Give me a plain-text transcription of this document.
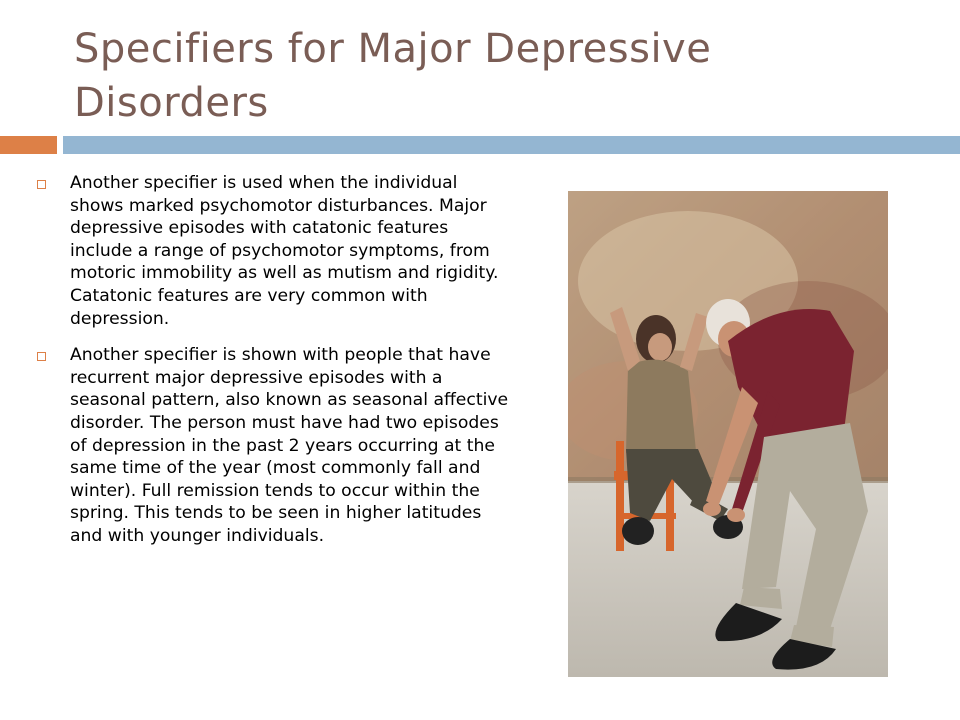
Specifiers for Major Depressive Disorders
Another specifier is used when the individual shows marked psychomotor disturbances. Major depressive episodes with catatonic features include a range of psychomotor symptoms, from motoric immobility as well as mutism and rigidity. Catatonic features are very common with depression.
Another specifier is shown with people that have recurrent major depressive episodes with a seasonal pattern, also known as seasonal affective disorder. The person must have had two episodes of depression in the past 2 years occurring at the same time of the year (most commonly fall and winter). Full remission tends to occur within the spring. This tends to be seen in higher latitudes and with younger individuals.
